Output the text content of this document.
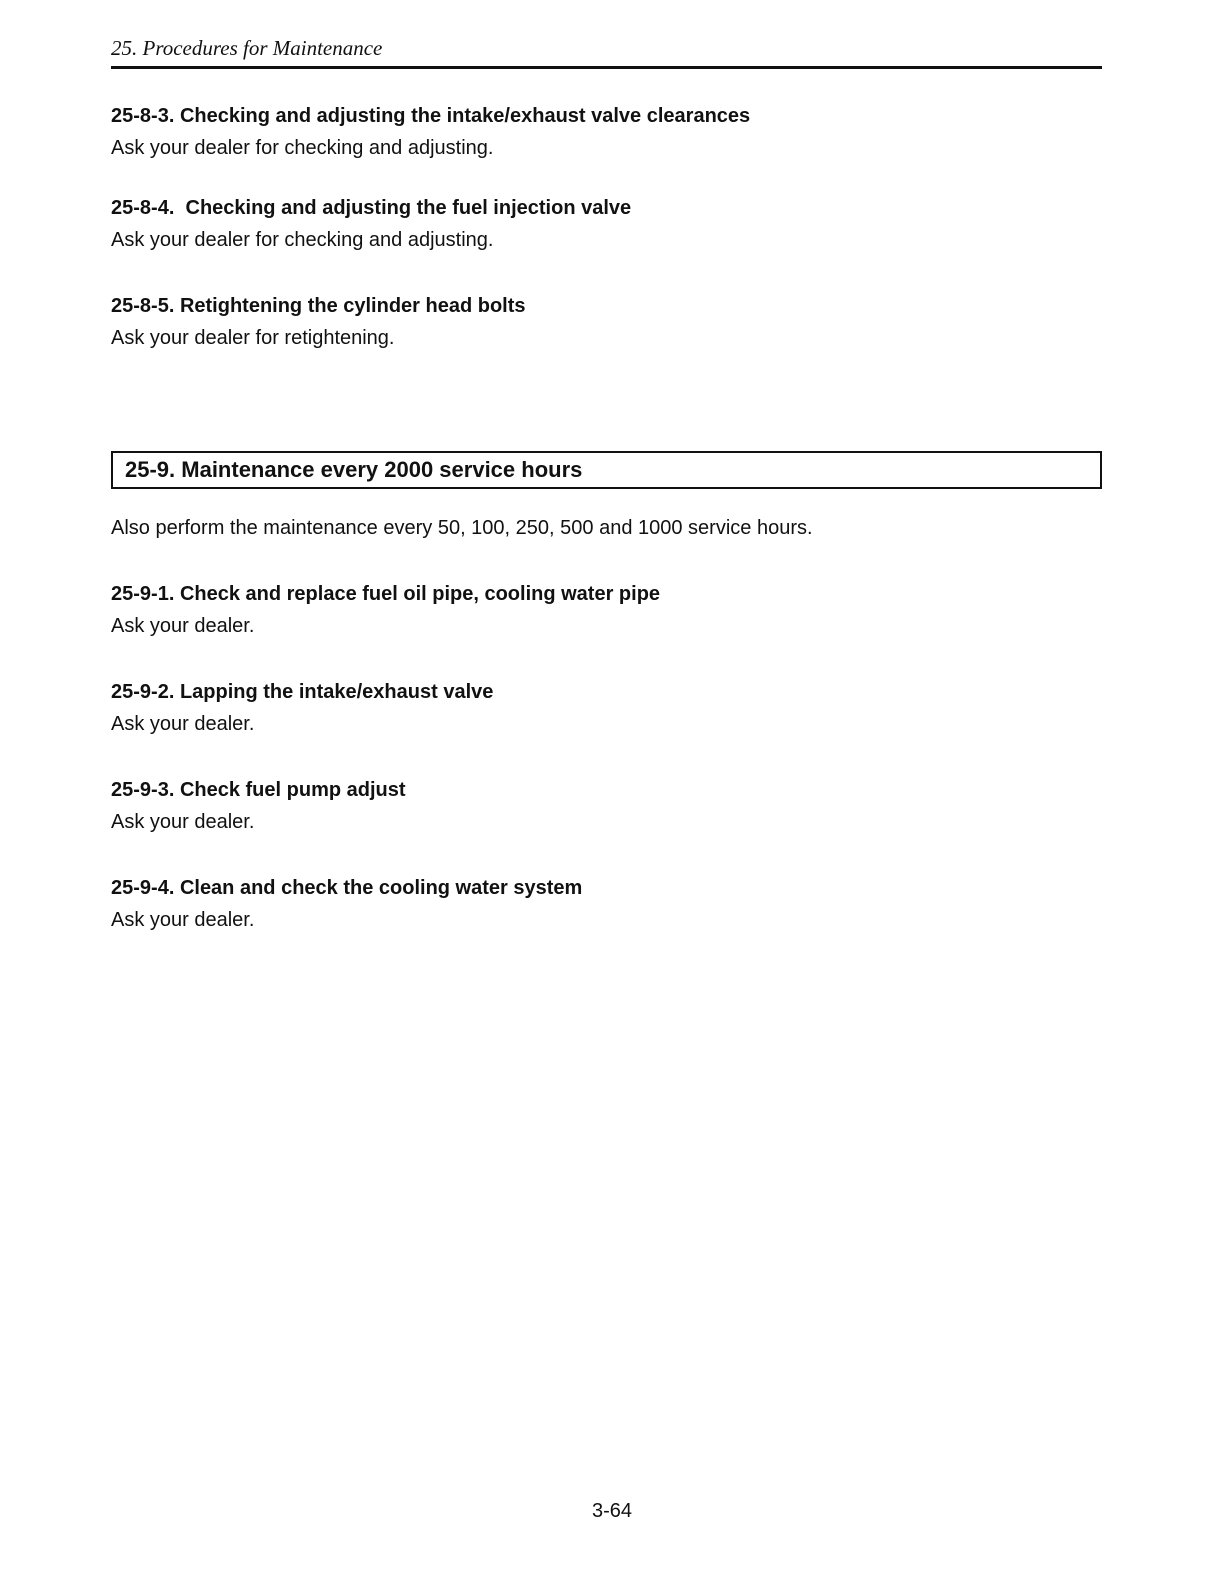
25. Procedures for Maintenance

25-8-3. Checking and adjusting the intake/exhaust valve clearances

Ask your dealer for checking and adjusting.

25-8-4. Checking and adjusting the fuel injection valve

Ask your dealer for checking and adjusting.

25-8-5. Retightening the cylinder head bolts

Ask your dealer for retightening.

25-9. Maintenance every 2000 service hours
Also perform the maintenance every 50, 100, 250, 500 and 1000 service hours.

25-9-1. Check and replace fuel oil pipe, cooling water pipe

Ask your dealer.

25-9-2. Lapping the intake/exhaust valve

Ask your dealer.

25-9-3. Check fuel pump adjust

Ask your dealer.

25-9-4. Clean and check the cooling water system

Ask your dealer.

3-64
